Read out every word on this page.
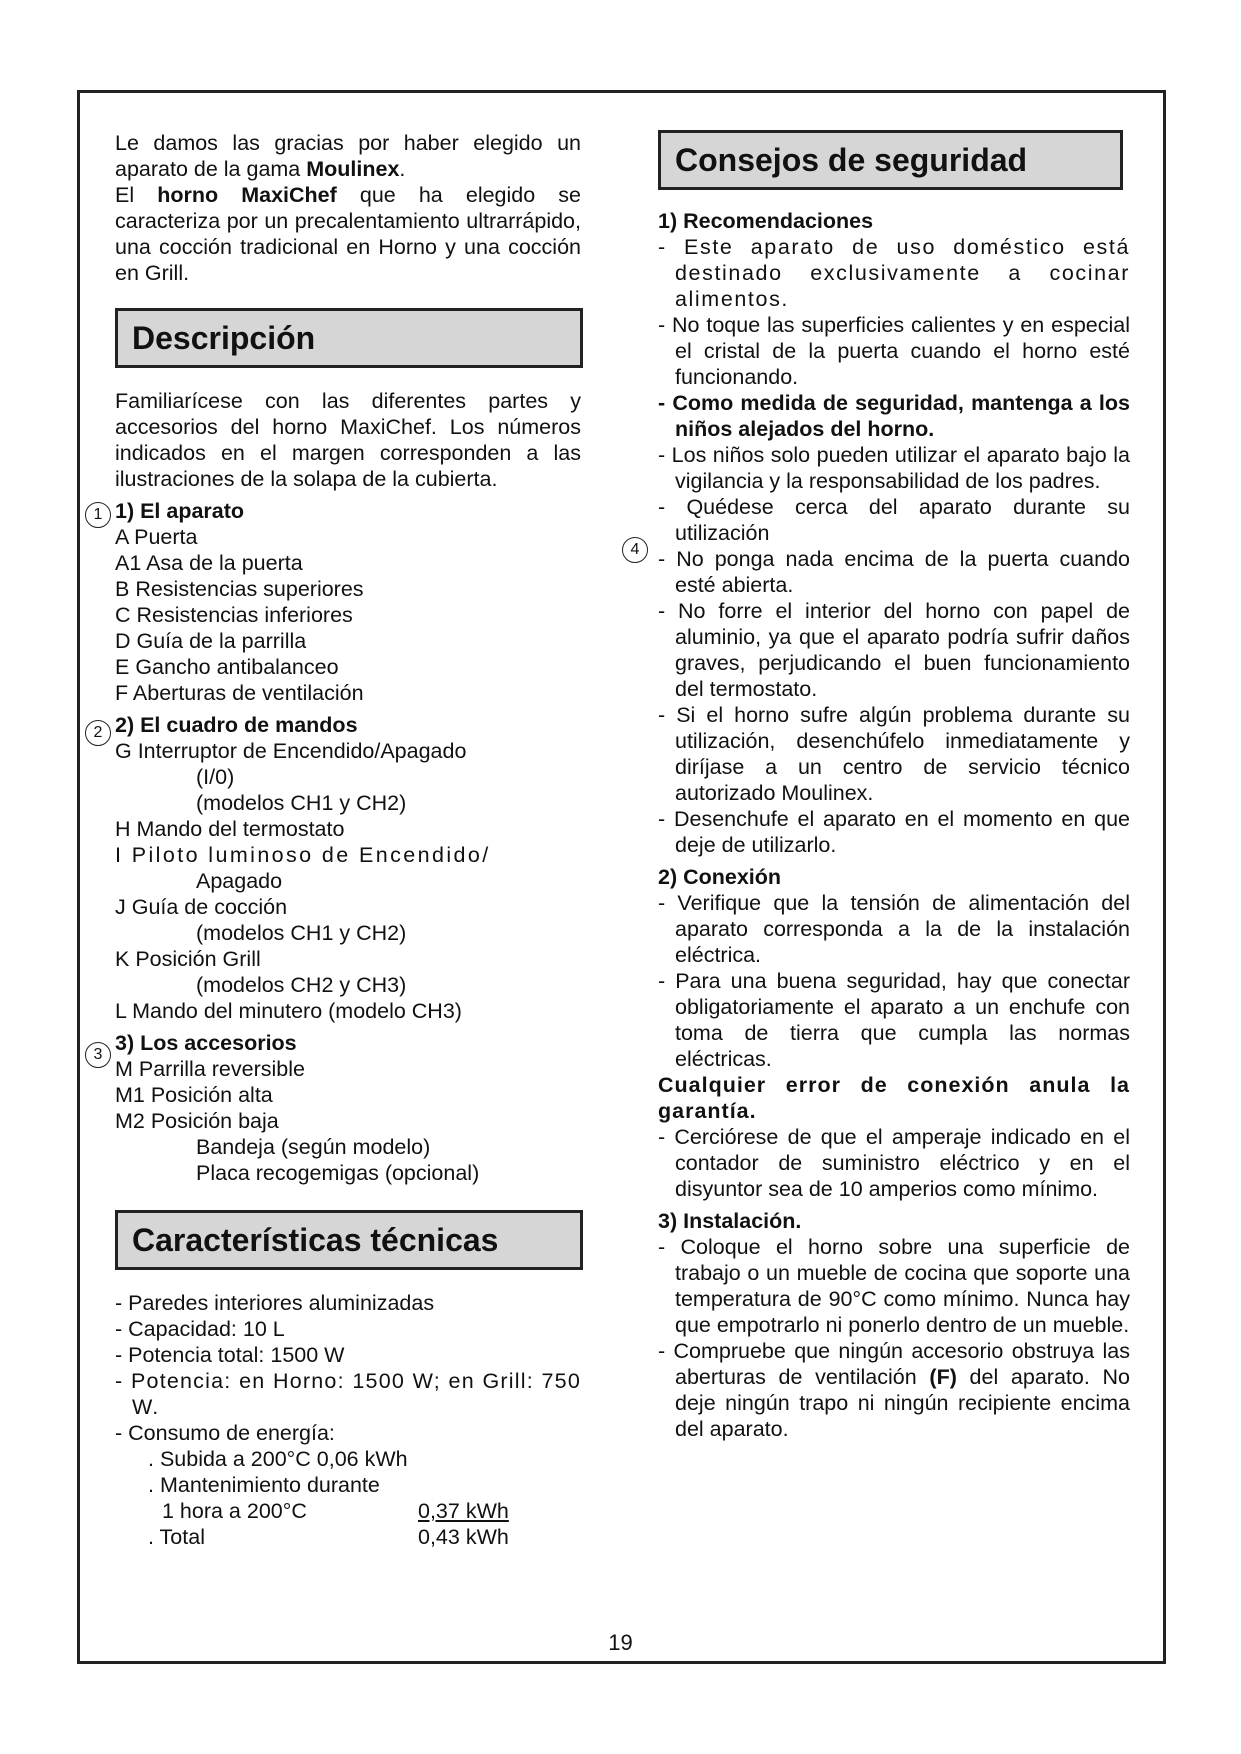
Le damos las gracias por haber elegido un aparato de la gama Moulinex.

El horno MaxiChef que ha elegido se caracteriza por un precalentamiento ultrarrápido, una cocción tradicional en Horno y una cocción en Grill.

Descripción

Familiarícese con las diferentes partes y accesorios del horno MaxiChef. Los números indicados en el margen corresponden a las ilustraciones de la solapa de la cubierta.

1) El aparato

A Puerta

A1 Asa de la puerta

B Resistencias superiores

C Resistencias inferiores

D Guía de la parrilla

E Gancho antibalanceo

F Aberturas de ventilación

2) El cuadro de mandos

G Interruptor de Encendido/Apagado

(I/0)

(modelos CH1 y CH2)

H Mando del termostato

I Piloto luminoso de Encendido/

Apagado

J Guía de cocción

(modelos CH1 y CH2)

K Posición Grill

(modelos CH2 y CH3)

L Mando del minutero (modelo CH3)

3) Los accesorios

M Parrilla reversible

M1 Posición alta

M2 Posición baja

Bandeja (según modelo)

Placa recogemigas (opcional)

Características técnicas

- Paredes interiores aluminizadas

- Capacidad: 10 L

- Potencia total: 1500 W

- Potencia: en Horno: 1500 W; en Grill: 750 W.

- Consumo de energía:

. Subida a 200°C 0,06 kWh
. Mantenimiento durante
1 hora a 200°C	0,37 kWh
. Total	0,43 kWh
1
2
3
4
Consejos de seguridad

1) Recomendaciones

- Este aparato de uso doméstico está destinado exclusivamente a cocinar alimentos.

- No toque las superficies calientes y en especial el cristal de la puerta cuando el horno esté funcionando.

- Como medida de seguridad, mantenga a los niños alejados del horno.

- Los niños solo pueden utilizar el aparato bajo la vigilancia y la responsabilidad de los padres.

- Quédese cerca del aparato durante su utilización

- No ponga nada encima de la puerta cuando esté abierta.

- No forre el interior del horno con papel de aluminio, ya que el aparato podría sufrir daños graves, perjudicando el buen funcionamiento del termostato.

- Si el horno sufre algún problema durante su utilización, desenchúfelo inmediatamente y diríjase a un centro de servicio técnico autorizado Moulinex.

- Desenchufe el aparato en el momento en que deje de utilizarlo.

2) Conexión

- Verifique que la tensión de alimentación del aparato corresponda a la de la instalación eléctrica.

- Para una buena seguridad, hay que conectar obligatoriamente el aparato a un enchufe con toma de tierra que cumpla las normas eléctricas.

Cualquier error de conexión anula la garantía.

- Cerciórese de que el amperaje indicado en el contador de suministro eléctrico y en el disyuntor sea de 10 amperios como mínimo.

3) Instalación.

- Coloque el horno sobre una superficie de trabajo o un mueble de cocina que soporte una temperatura de 90°C como mínimo. Nunca hay que empotrarlo ni ponerlo dentro de un mueble.

- Compruebe que ningún accesorio obstruya las aberturas de ventilación (F) del aparato. No deje ningún trapo ni ningún recipiente encima del aparato.

19
